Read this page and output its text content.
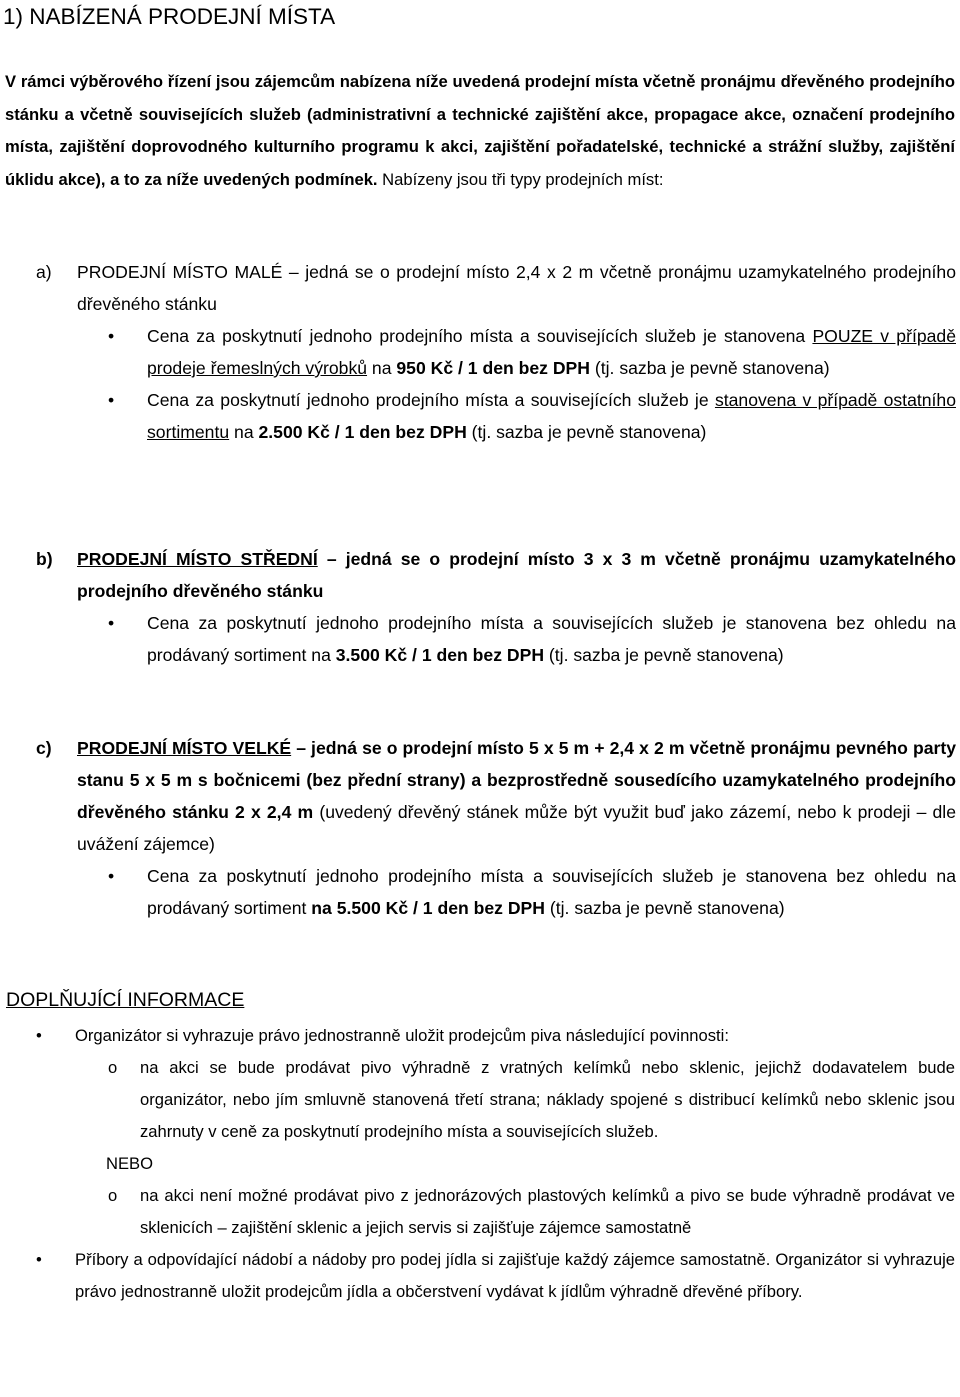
1) NABÍZENÁ PRODEJNÍ MÍSTA
V rámci výběrového řízení jsou zájemcům nabízena níže uvedená prodejní místa včetně pronájmu dřevěného prodejního stánku a včetně souvisejících služeb (administrativní a technické zajištění akce, propagace akce, označení prodejního místa, zajištění doprovodného kulturního programu k akci, zajištění pořadatelské, technické a strážní služby, zajištění úklidu akce), a to za níže uvedených podmínek. Nabízeny jsou tři typy prodejních míst:
a) PRODEJNÍ MÍSTO MALÉ – jedná se o prodejní místo 2,4 x 2 m včetně pronájmu uzamykatelného prodejního dřevěného stánku
• Cena za poskytnutí jednoho prodejního místa a souvisejících služeb je stanovena POUZE v případě prodeje řemeslných výrobků na 950 Kč / 1 den bez DPH (tj. sazba je pevně stanovena)
• Cena za poskytnutí jednoho prodejního místa a souvisejících služeb je stanovena v případě ostatního sortimentu na 2.500 Kč / 1 den bez DPH (tj. sazba je pevně stanovena)
b) PRODEJNÍ MÍSTO STŘEDNÍ – jedná se o prodejní místo 3 x 3 m včetně pronájmu uzamykatelného prodejního dřevěného stánku
• Cena za poskytnutí jednoho prodejního místa a souvisejících služeb je stanovena bez ohledu na prodávaný sortiment na 3.500 Kč / 1 den bez DPH (tj. sazba je pevně stanovena)
c) PRODEJNÍ MÍSTO VELKÉ – jedná se o prodejní místo 5 x 5 m + 2,4 x 2 m včetně pronájmu pevného party stanu 5 x 5 m s bočnicemi (bez přední strany) a bezprostředně sousedícího uzamykatelného prodejního dřevěného stánku 2 x 2,4 m (uvedený dřevěný stánek může být využit buď jako zázemí, nebo k prodeji – dle uvážení zájemce)
• Cena za poskytnutí jednoho prodejního místa a souvisejících služeb je stanovena bez ohledu na prodávaný sortiment na 5.500 Kč / 1 den bez DPH (tj. sazba je pevně stanovena)
DOPLŇUJÍCÍ INFORMACE
• Organizátor si vyhrazuje právo jednostranně uložit prodejcům piva následující povinnosti:
o na akci se bude prodávat pivo výhradně z vratných kelímků nebo sklenic, jejichž dodavatelem bude organizátor, nebo jím smluvně stanovená třetí strana; náklady spojené s distribucí kelímků nebo sklenic jsou zahrnuty v ceně za poskytnutí prodejního místa a souvisejících služeb.
NEBO
o na akci není možné prodávat pivo z jednorázových plastových kelímků a pivo se bude výhradně prodávat ve sklenicích – zajištění sklenic a jejich servis si zajišťuje zájemce samostatně
• Příbory a odpovídající nádobí a nádoby pro podej jídla si zajišťuje každý zájemce samostatně. Organizátor si vyhrazuje právo jednostranně uložit prodejcům jídla a občerstvení vydávat k jídlům výhradně dřevěné příbory.
